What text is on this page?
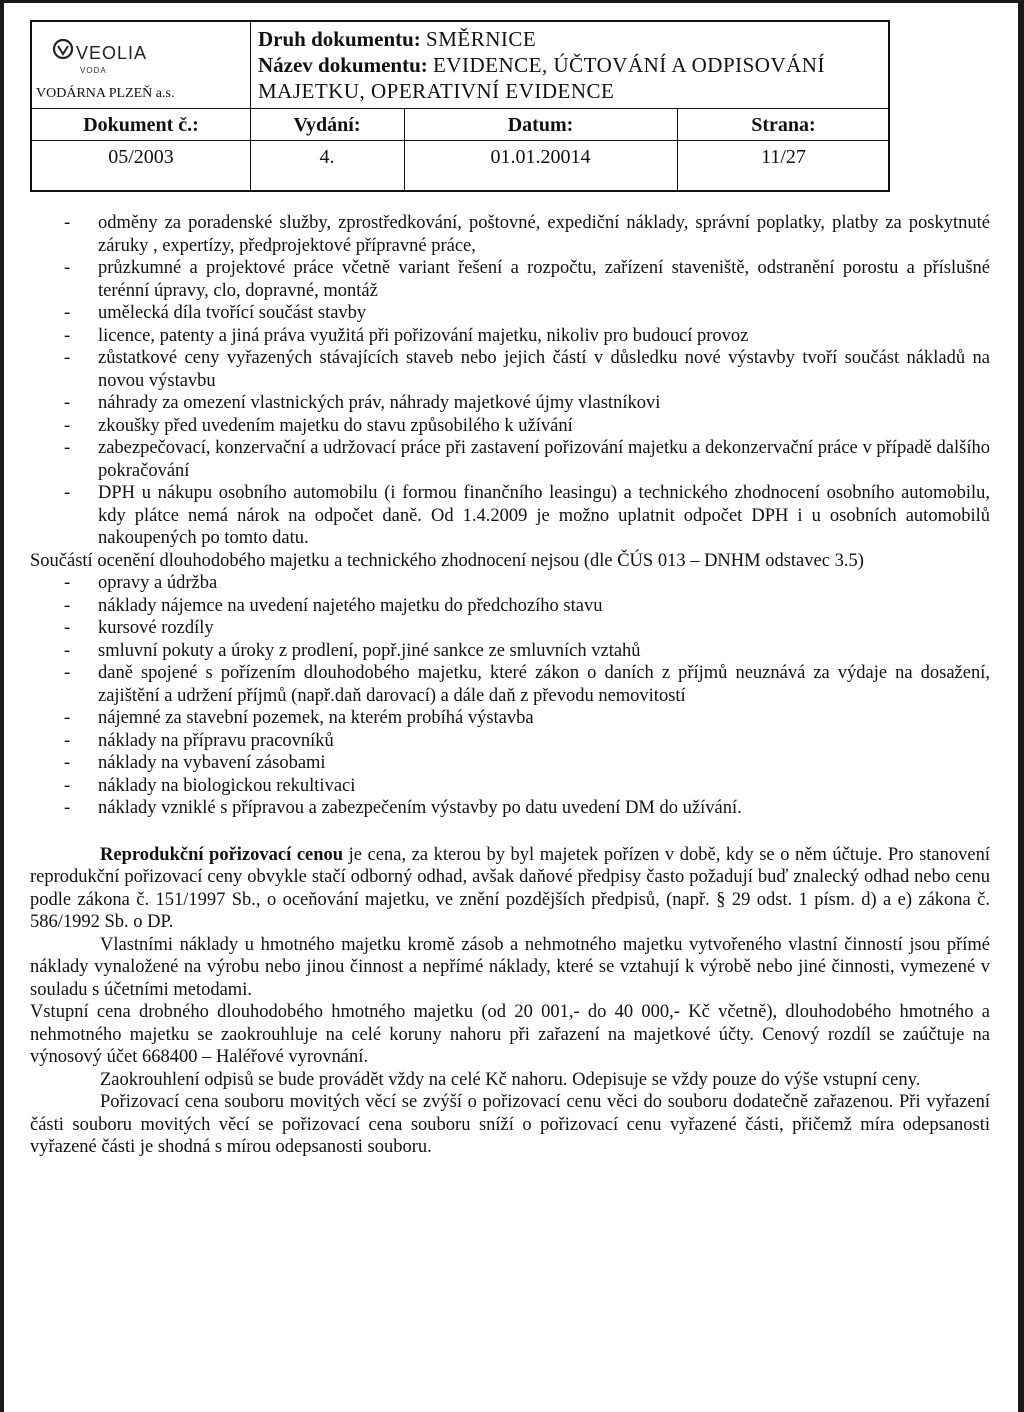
VEOLIA
VODA
VODÁRNA PLZEŇ a.s.
Druh dokumentu: SMĚRNICE
Název dokumentu: EVIDENCE, ÚČTOVÁNÍ A ODPISOVÁNÍ
MAJETKU, OPERATIVNÍ EVIDENCE
Dokument č.:	Vydání:	Datum:	Strana:
05/2003	4.	01.01.20014	11/27
- odměny za poradenské služby, zprostředkování, poštovné, expediční náklady, správní poplatky, platby za poskytnuté záruky , expertízy, předprojektové přípravné práce,
- průzkumné a projektové práce včetně variant řešení a rozpočtu, zařízení staveniště, odstranění porostu a příslušné terénní úpravy, clo, dopravné, montáž
- umělecká díla tvořící součást stavby
- licence, patenty a jiná práva využitá při pořizování majetku, nikoliv pro budoucí provoz
- zůstatkové ceny vyřazených stávajících staveb nebo jejich částí v důsledku nové výstavby tvoří součást nákladů na novou výstavbu
- náhrady za omezení vlastnických práv, náhrady majetkové újmy vlastníkovi
- zkoušky před uvedením majetku do stavu způsobilého k užívání
- zabezpečovací, konzervační a udržovací práce při zastavení pořizování majetku a dekonzervační práce v případě dalšího pokračování
- DPH u nákupu osobního automobilu (i formou finančního leasingu) a technického zhodnocení osobního automobilu, kdy plátce nemá nárok na odpočet daně. Od 1.4.2009 je možno uplatnit odpočet DPH i u osobních automobilů nakoupených po tomto datu.

Součástí ocenění dlouhodobého majetku a technického zhodnocení nejsou (dle ČÚS 013 – DNHM odstavec 3.5)

- opravy a údržba
- náklady nájemce na uvedení najetého majetku do předchozího stavu
- kursové rozdíly
- smluvní pokuty a úroky z prodlení, popř.jiné sankce ze smluvních vztahů
- daně spojené s pořízením dlouhodobého majetku, které zákon o daních z příjmů neuznává za výdaje na dosažení, zajištění a udržení příjmů (např.daň darovací) a dále daň z převodu nemovitostí
- nájemné za stavební pozemek, na kterém probíhá výstavba
- náklady na přípravu pracovníků
- náklady na vybavení zásobami
- náklady na biologickou rekultivaci
- náklady vzniklé s přípravou a zabezpečením výstavby po datu uvedení DM do užívání.

Reprodukční pořizovací cenou je cena, za kterou by byl majetek pořízen v době, kdy se o něm účtuje. Pro stanovení reprodukční pořizovací ceny obvykle stačí odborný odhad, avšak daňové předpisy často požadují buď znalecký odhad nebo cenu podle zákona č. 151/1997 Sb., o oceňování majetku, ve znění pozdějších předpisů, (např. § 29 odst. 1 písm. d) a e) zákona č. 586/1992 Sb. o DP.

Vlastními náklady u hmotného majetku kromě zásob a nehmotného majetku vytvořeného vlastní činností jsou přímé náklady vynaložené na výrobu nebo jinou činnost a nepřímé náklady, které se vztahují k výrobě nebo jiné činnosti, vymezené v souladu s účetními metodami.

Vstupní cena drobného dlouhodobého hmotného majetku (od 20 001,- do 40 000,- Kč včetně), dlouhodobého hmotného a nehmotného majetku se zaokrouhluje na celé koruny nahoru při zařazení na majetkové účty. Cenový rozdíl se zaúčtuje na výnosový účet 668400 – Haléřové vyrovnání.

Zaokrouhlení odpisů se bude provádět vždy na celé Kč nahoru. Odepisuje se vždy pouze do výše vstupní ceny.

Pořizovací cena souboru movitých věcí se zvýší o pořizovací cenu věci do souboru dodatečně zařazenou. Při vyřazení části souboru movitých věcí se pořizovací cena souboru sníží o pořizovací cenu vyřazené části, přičemž míra odepsanosti vyřazené části je shodná s mírou odepsanosti souboru.
